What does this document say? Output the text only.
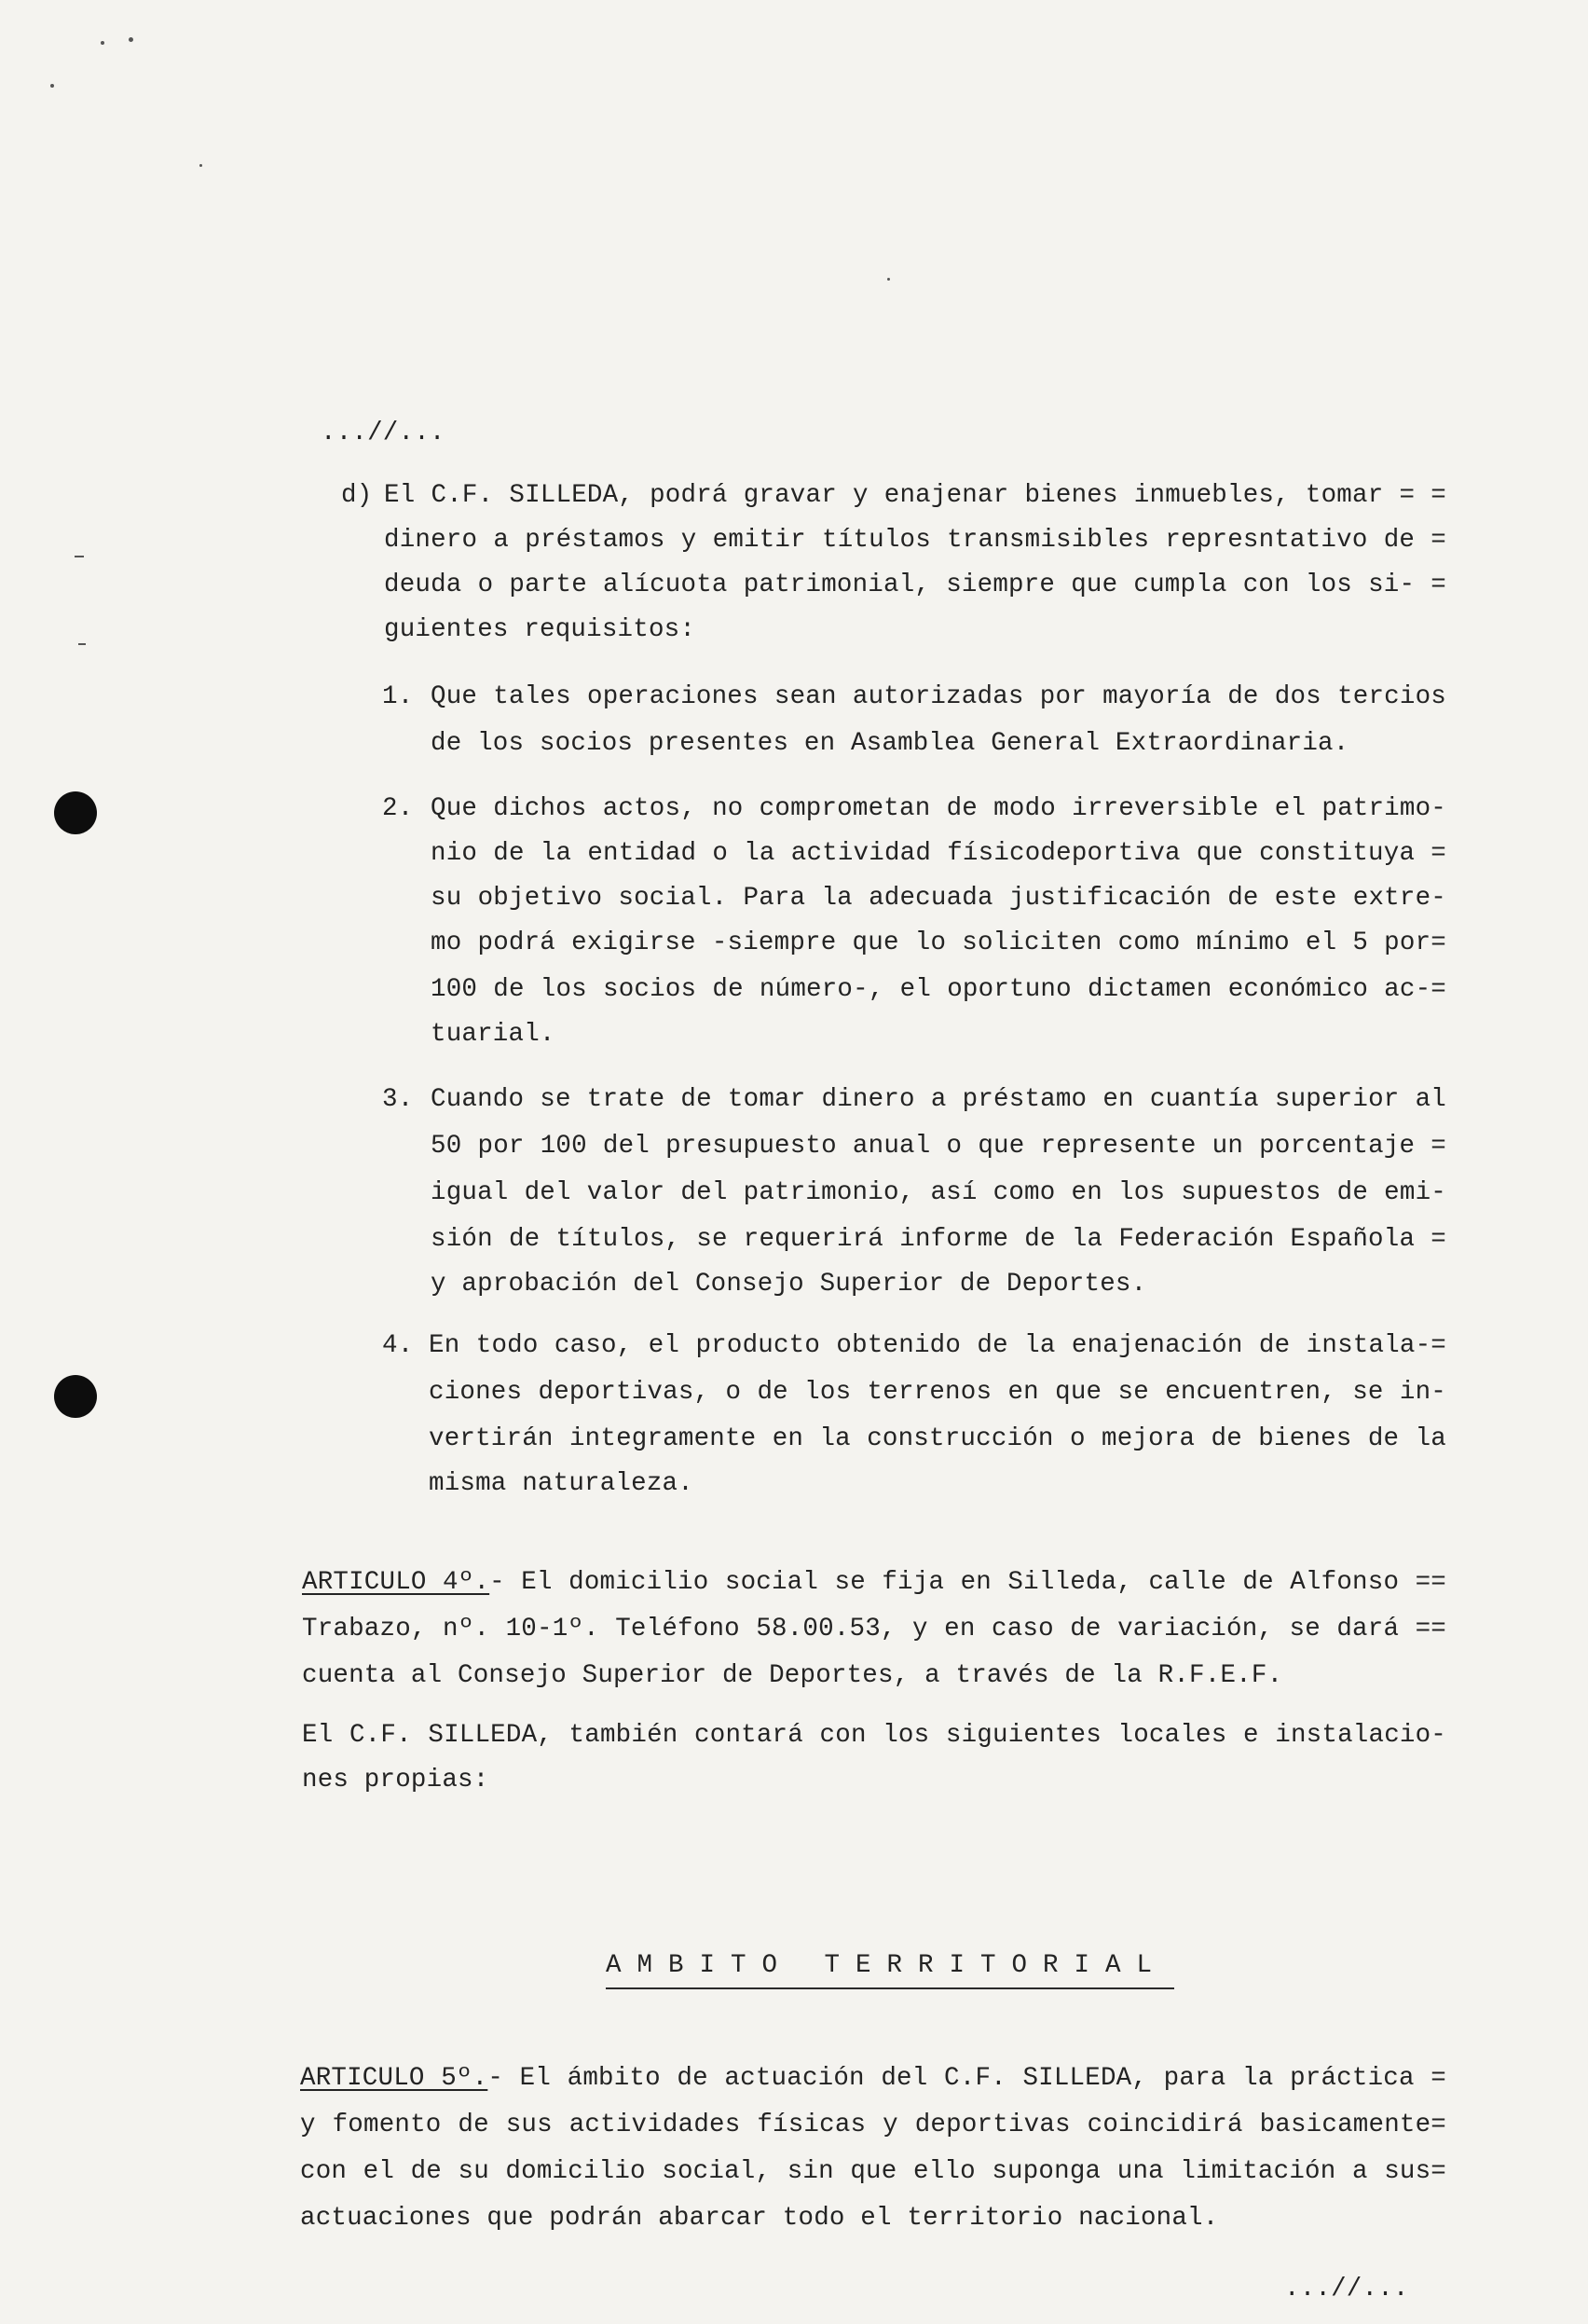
...//...
d) El C.F. SILLEDA, podrá gravar y enajenar bienes inmuebles, tomar = =
dinero a préstamos y emitir títulos transmisibles represntativo de =
deuda o parte alícuota patrimonial, siempre que cumpla con los si- =
guientes requisitos:
1. Que tales operaciones sean autorizadas por mayoría de dos tercios
de los socios presentes en Asamblea General Extraordinaria.
2. Que dichos actos, no comprometan de modo irreversible el patrimo-
nio de la entidad o la actividad físicodeportiva que constituya =
su objetivo social. Para la adecuada justificación de este extre-
mo podrá exigirse -siempre que lo soliciten como mínimo el 5 por=
100 de los socios de número-, el oportuno dictamen económico ac-=
tuarial.
3. Cuando se trate de tomar dinero a préstamo en cuantía superior al
50 por 100 del presupuesto anual o que represente un porcentaje =
igual del valor del patrimonio, así como en los supuestos de emi-
sión de títulos, se requerirá informe de la Federación Española =
y aprobación del Consejo Superior de Deportes.
4. En todo caso, el producto obtenido de la enajenación de instala-=
ciones deportivas, o de los terrenos en que se encuentren, se in-
vertirán integramente en la construcción o mejora de bienes de la
misma naturaleza.
ARTICULO 4º.- El domicilio social se fija en Silleda, calle de Alfonso ==
Trabazo, nº. 10-1º. Teléfono 58.00.53, y en caso de variación, se dará ==
cuenta al Consejo Superior de Deportes, a través de la R.F.E.F.
El C.F. SILLEDA, también contará con los siguientes locales e instalacio-
nes propias:
AMBITO TERRITORIAL
ARTICULO 5º.- El ámbito de actuación del C.F. SILLEDA, para la práctica =
y fomento de sus actividades físicas y deportivas coincidirá basicamente=
con el de su domicilio social, sin que ello suponga una limitación a sus=
actuaciones que podrán abarcar todo el territorio nacional.
...//...
